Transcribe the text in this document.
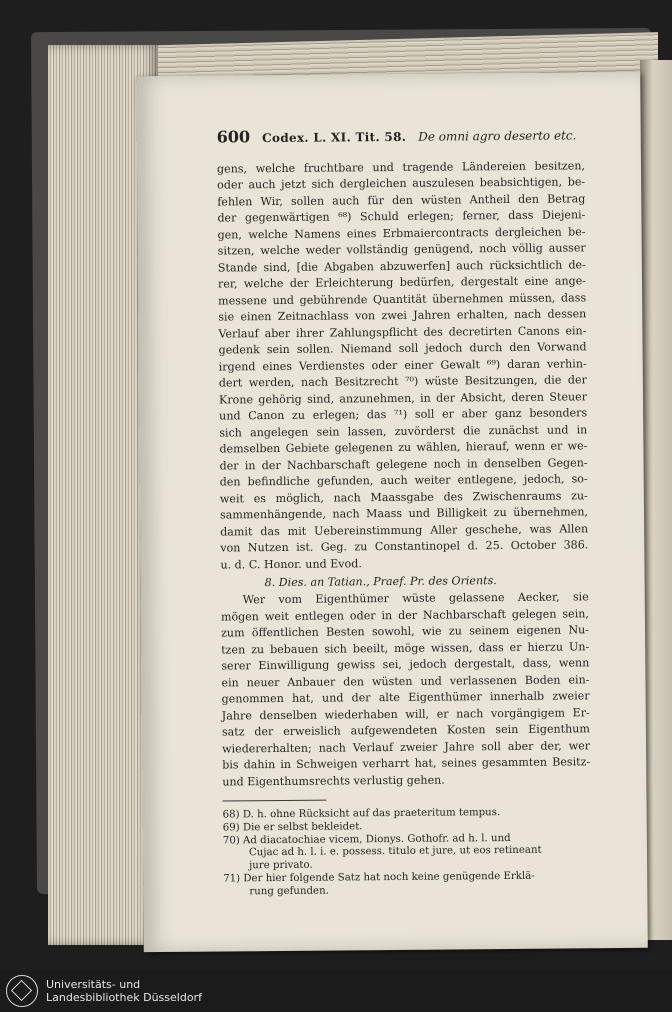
600 Codex. L. XI. Tit. 58. De omni agro deserto etc.
gens, welche fruchtbare und tragende Ländereien besitzen,
oder auch jetzt sich dergleichen auszulesen beabsichtigen, be-
fehlen Wir, sollen auch für den wüsten Antheil den Betrag
der gegenwärtigen ⁶⁸) Schuld erlegen; ferner, dass Diejeni-
gen, welche Namens eines Erbmaiercontracts dergleichen be-
sitzen, welche weder vollständig genügend, noch völlig ausser
Stande sind, [die Abgaben abzuwerfen] auch rücksichtlich de-
rer, welche der Erleichterung bedürfen, dergestalt eine ange-
messene und gebührende Quantität übernehmen müssen, dass
sie einen Zeitnachlass von zwei Jahren erhalten, nach dessen
Verlauf aber ihrer Zahlungspflicht des decretirten Canons ein-
gedenk sein sollen. Niemand soll jedoch durch den Vorwand
irgend eines Verdienstes oder einer Gewalt ⁶⁹) daran verhin-
dert werden, nach Besitzrecht ⁷⁰) wüste Besitzungen, die der
Krone gehörig sind, anzunehmen, in der Absicht, deren Steuer
und Canon zu erlegen; das ⁷¹) soll er aber ganz besonders
sich angelegen sein lassen, zuvörderst die zunächst und in
demselben Gebiete gelegenen zu wählen, hierauf, wenn er we-
der in der Nachbarschaft gelegene noch in denselben Gegen-
den befindliche gefunden, auch weiter entlegene, jedoch, so-
weit es möglich, nach Maassgabe des Zwischenraums zu-
sammenhängende, nach Maass und Billigkeit zu übernehmen,
damit das mit Uebereinstimmung Aller geschehe, was Allen
von Nutzen ist. Geg. zu Constantinopel d. 25. October 386.
u. d. C. Honor. und Evod.
8. Dies. an Tatian., Praef. Pr. des Orients.
Wer vom Eigenthümer wüste gelassene Aecker, sie
mögen weit entlegen oder in der Nachbarschaft gelegen sein,
zum öffentlichen Besten sowohl, wie zu seinem eigenen Nu-
tzen zu bebauen sich beeilt, möge wissen, dass er hierzu Un-
serer Einwilligung gewiss sei, jedoch dergestalt, dass, wenn
ein neuer Anbauer den wüsten und verlassenen Boden ein-
genommen hat, und der alte Eigenthümer innerhalb zweier
Jahre denselben wiederhaben will, er nach vorgängigem Er-
satz der erweislich aufgewendeten Kosten sein Eigenthum
wiedererhalten; nach Verlauf zweier Jahre soll aber der, wer
bis dahin in Schweigen verharrt hat, seines gesammten Besitz-
und Eigenthumsrechts verlustig gehen.
68) D. h. ohne Rücksicht auf das praeteritum tempus.
69) Die er selbst bekleidet.
70) Ad diacatochiae vicem, Dionys. Gothofr. ad h. l. und
Cujac ad h. l. i. e. possess. titulo et jure, ut eos retineant
jure privato.
71) Der hier folgende Satz hat noch keine genügende Erklä-
rung gefunden.
Universitäts- und
Landesbibliothek Düsseldorf
